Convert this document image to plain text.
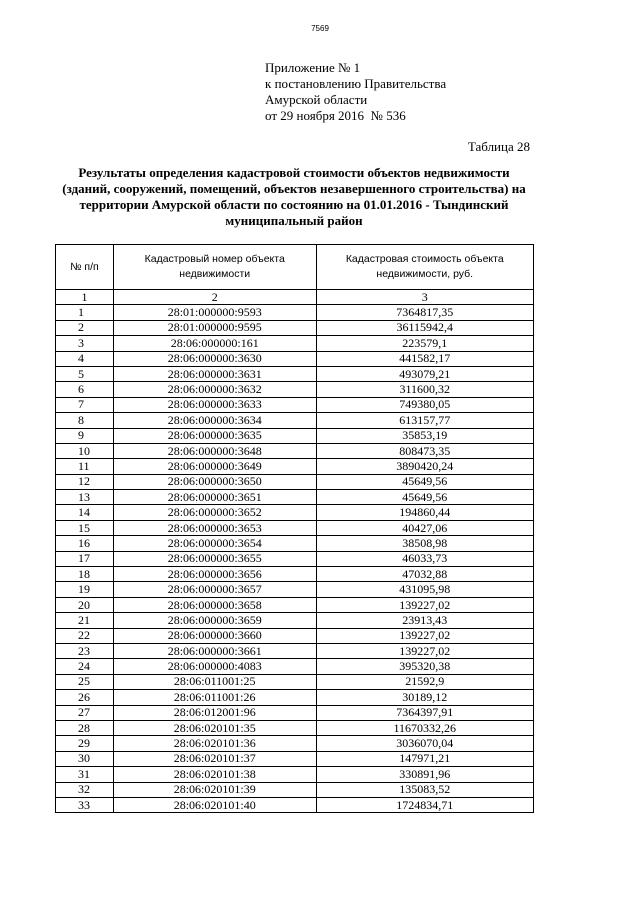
7569
Приложение № 1
к постановлению Правительства
Амурской области
от 29 ноября 2016  № 536
Таблица 28
Результаты определения кадастровой стоимости объектов недвижимости (зданий, сооружений, помещений, объектов незавершенного строительства) на территории Амурской области по состоянию на 01.01.2016 - Тындинский муниципальный район
№ п/п	Кадастровый номер объекта недвижимости	Кадастровая стоимость объекта недвижимости, руб.
1	2	3
1	28:01:000000:9593	7364817,35
2	28:01:000000:9595	36115942,4
3	28:06:000000:161	223579,1
4	28:06:000000:3630	441582,17
5	28:06:000000:3631	493079,21
6	28:06:000000:3632	311600,32
7	28:06:000000:3633	749380,05
8	28:06:000000:3634	613157,77
9	28:06:000000:3635	35853,19
10	28:06:000000:3648	808473,35
11	28:06:000000:3649	3890420,24
12	28:06:000000:3650	45649,56
13	28:06:000000:3651	45649,56
14	28:06:000000:3652	194860,44
15	28:06:000000:3653	40427,06
16	28:06:000000:3654	38508,98
17	28:06:000000:3655	46033,73
18	28:06:000000:3656	47032,88
19	28:06:000000:3657	431095,98
20	28:06:000000:3658	139227,02
21	28:06:000000:3659	23913,43
22	28:06:000000:3660	139227,02
23	28:06:000000:3661	139227,02
24	28:06:000000:4083	395320,38
25	28:06:011001:25	21592,9
26	28:06:011001:26	30189,12
27	28:06:012001:96	7364397,91
28	28:06:020101:35	11670332,26
29	28:06:020101:36	3036070,04
30	28:06:020101:37	147971,21
31	28:06:020101:38	330891,96
32	28:06:020101:39	135083,52
33	28:06:020101:40	1724834,71
